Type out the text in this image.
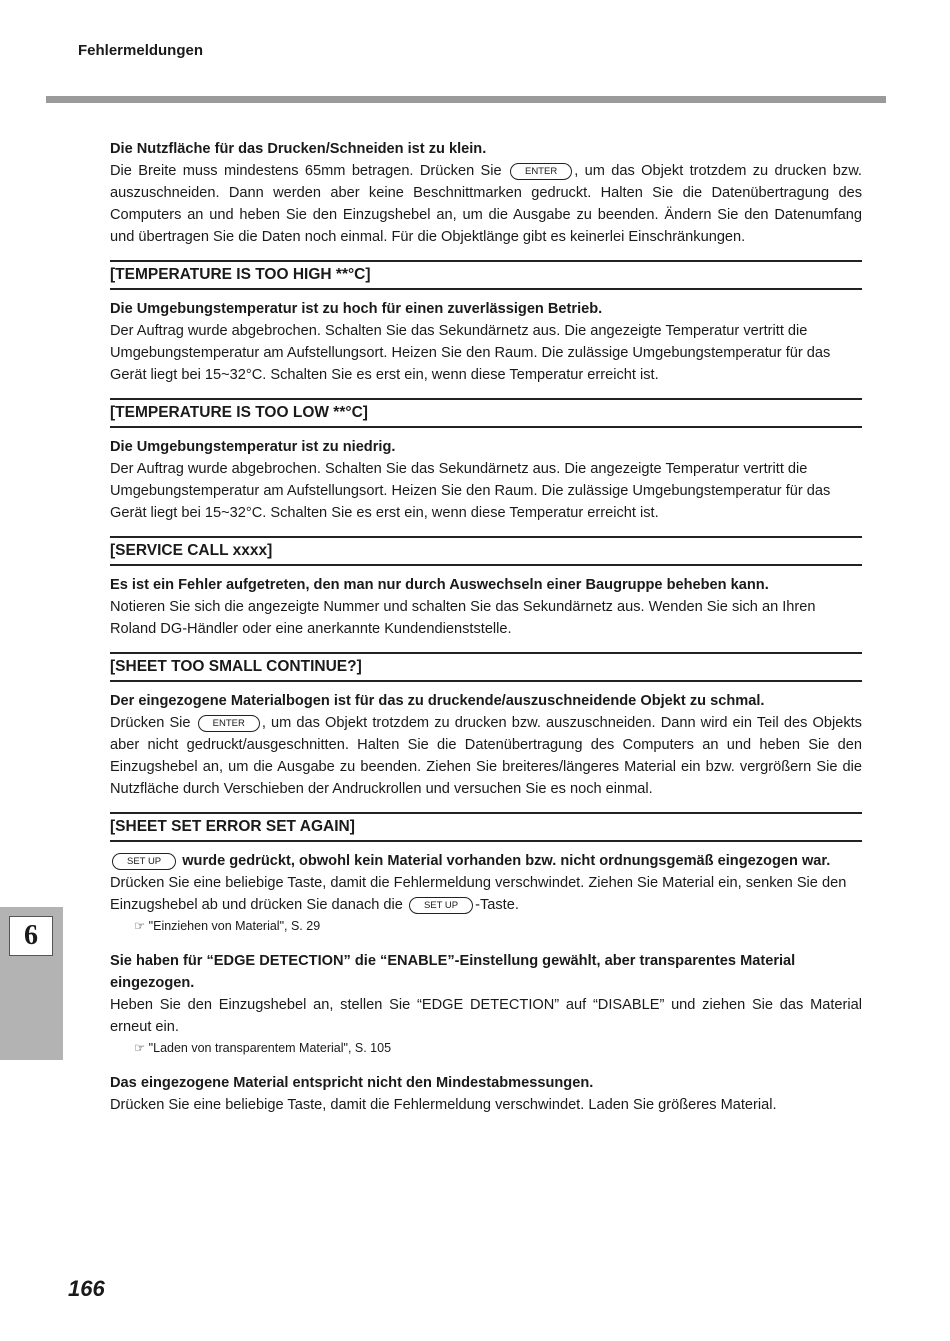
Fehlermeldungen

Die Nutzfläche für das Drucken/Schneiden ist zu klein.

Die Breite muss mindestens 65mm betragen. Drücken Sie ENTER , um das Objekt trotzdem zu drucken bzw. auszuschneiden. Dann werden aber keine Beschnittmarken gedruckt. Halten Sie die Datenübertragung des Computers an und heben Sie den Einzugshebel an, um die Ausgabe zu beenden. Ändern Sie den Datenumfang und übertragen Sie die Daten noch einmal. Für die Objektlänge gibt es keinerlei Einschränkungen.

[TEMPERATURE IS TOO HIGH **°C]

Die Umgebungstemperatur ist zu hoch für einen zuverlässigen Betrieb.

Der Auftrag wurde abgebrochen. Schalten Sie das Sekundärnetz aus. Die angezeigte Temperatur vertritt die Umgebungstemperatur am Aufstellungsort. Heizen Sie den Raum. Die zulässige Umgebungstemperatur für das Gerät liegt bei 15~32°C. Schalten Sie es erst ein, wenn diese Temperatur erreicht ist.

[TEMPERATURE IS TOO LOW **°C]

Die Umgebungstemperatur ist zu niedrig.

Der Auftrag wurde abgebrochen. Schalten Sie das Sekundärnetz aus. Die angezeigte Temperatur vertritt die Umgebungstemperatur am Aufstellungsort. Heizen Sie den Raum. Die zulässige Umgebungstemperatur für das Gerät liegt bei 15~32°C. Schalten Sie es erst ein, wenn diese Temperatur erreicht ist.

[SERVICE CALL xxxx]

Es ist ein Fehler aufgetreten, den man nur durch Auswechseln einer Baugruppe beheben kann.

Notieren Sie sich die angezeigte Nummer und schalten Sie das Sekundärnetz aus. Wenden Sie sich an Ihren Roland DG-Händler oder eine anerkannte Kundendienststelle.

[SHEET TOO SMALL CONTINUE?]

Der eingezogene Materialbogen ist für das zu druckende/auszuschneidende Objekt zu schmal.

Drücken Sie ENTER , um das Objekt trotzdem zu drucken bzw. auszuschneiden. Dann wird ein Teil des Objekts aber nicht gedruckt/ausgeschnitten. Halten Sie die Datenübertragung des Computers an und heben Sie den Einzugshebel an, um die Ausgabe zu beenden. Ziehen Sie breiteres/längeres Material ein bzw. vergrößern Sie die Nutzfläche durch Verschieben der Andruckrollen und versuchen Sie es noch einmal.

[SHEET SET ERROR SET AGAIN]

SET UP wurde gedrückt, obwohl kein Material vorhanden bzw. nicht ordnungsgemäß eingezogen war.

Drücken Sie eine beliebige Taste, damit die Fehlermeldung verschwindet. Ziehen Sie Material ein, senken Sie den Einzugshebel ab und drücken Sie danach die SET UP -Taste.

☞ "Einziehen von Material", S. 29

Sie haben für “EDGE DETECTION” die “ENABLE”-Einstellung gewählt, aber transparentes Material eingezogen.

Heben Sie den Einzugshebel an, stellen Sie “EDGE DETECTION” auf “DISABLE” und ziehen Sie das Material erneut ein.

☞ "Laden von transparentem Material", S. 105

Das eingezogene Material entspricht nicht den Mindestabmessungen.

Drücken Sie eine beliebige Taste, damit die Fehlermeldung verschwindet. Laden Sie größeres Material.

6
166
